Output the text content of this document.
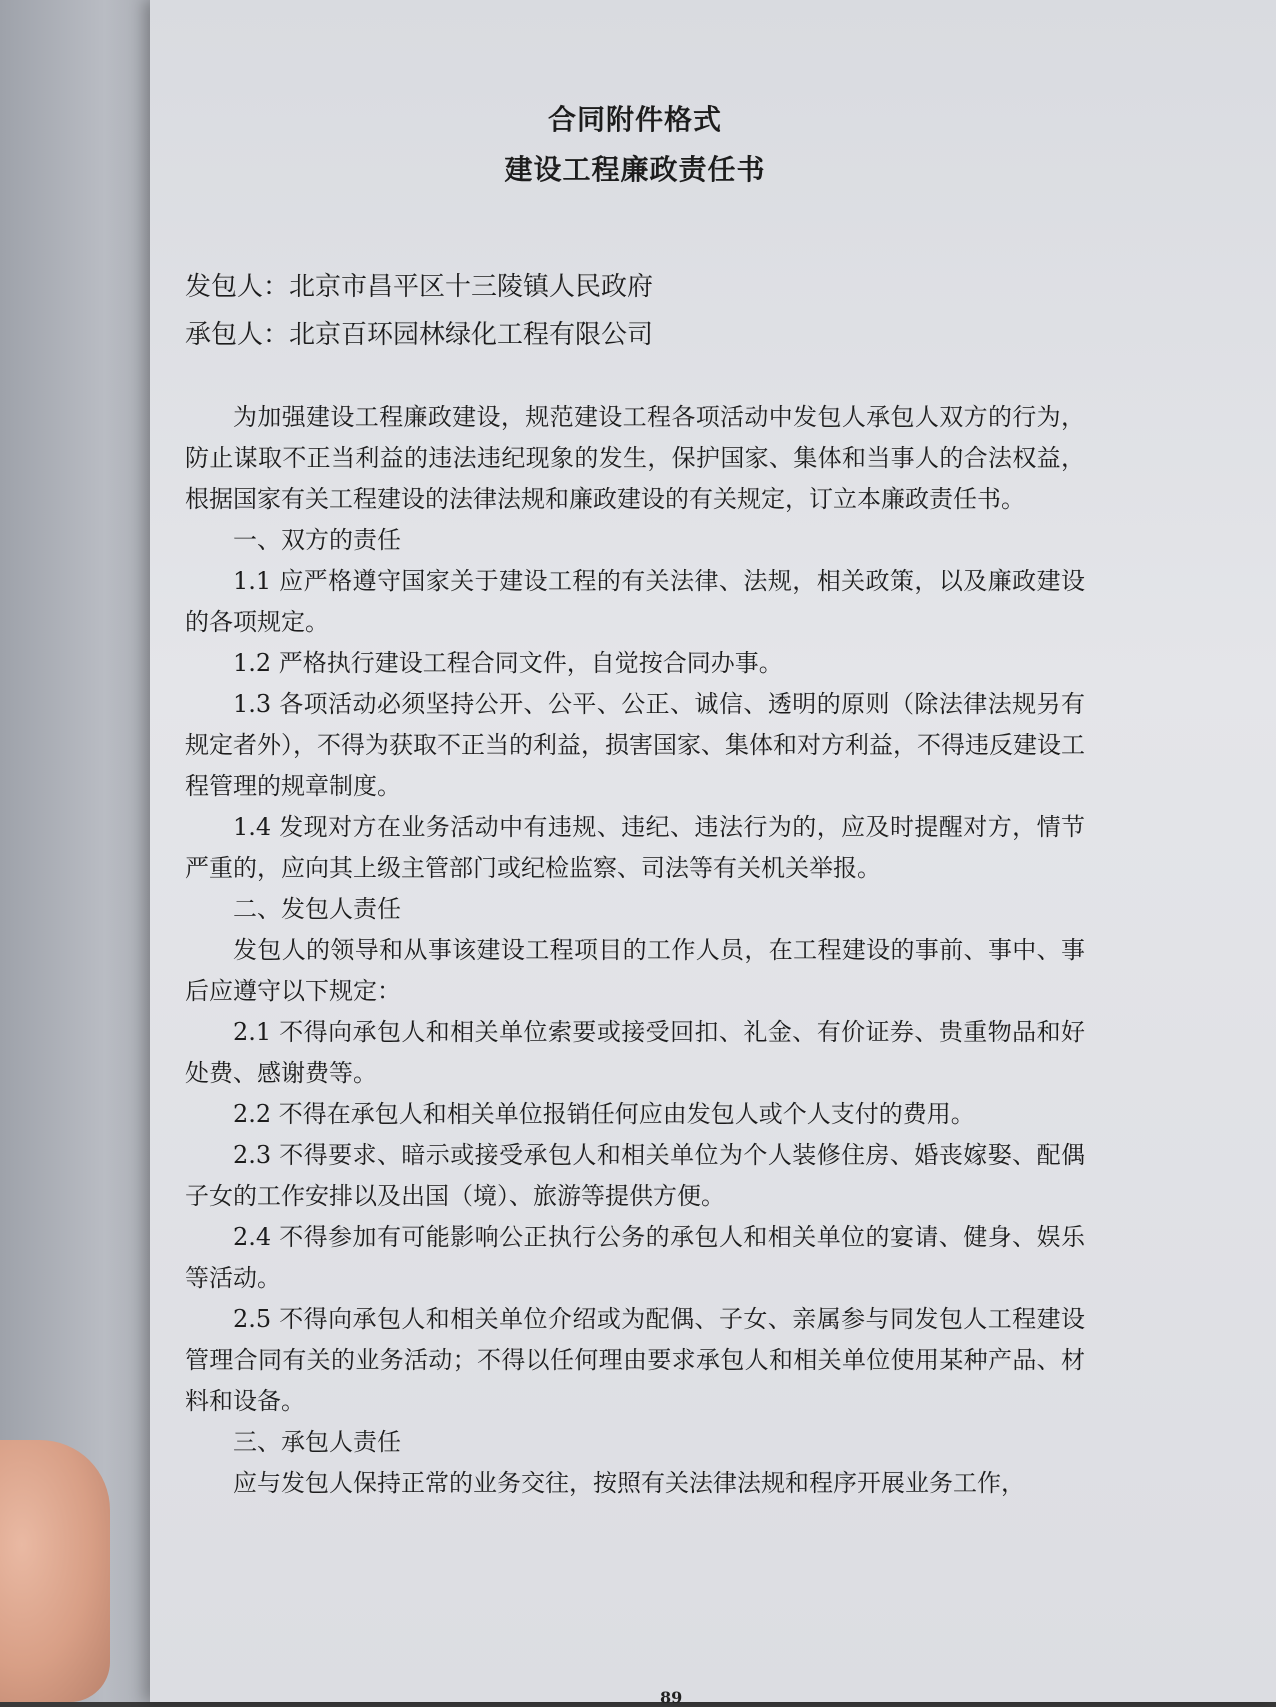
合同附件格式
建设工程廉政责任书
发包人：北京市昌平区十三陵镇人民政府
承包人：北京百环园林绿化工程有限公司

为加强建设工程廉政建设，规范建设工程各项活动中发包人承包人双方的行为，防止谋取不正当利益的违法违纪现象的发生，保护国家、集体和当事人的合法权益，根据国家有关工程建设的法律法规和廉政建设的有关规定，订立本廉政责任书。

一、双方的责任

1.1 应严格遵守国家关于建设工程的有关法律、法规，相关政策，以及廉政建设的各项规定。

1.2 严格执行建设工程合同文件，自觉按合同办事。

1.3 各项活动必须坚持公开、公平、公正、诚信、透明的原则（除法律法规另有规定者外），不得为获取不正当的利益，损害国家、集体和对方利益，不得违反建设工程管理的规章制度。

1.4 发现对方在业务活动中有违规、违纪、违法行为的，应及时提醒对方，情节严重的，应向其上级主管部门或纪检监察、司法等有关机关举报。

二、发包人责任

发包人的领导和从事该建设工程项目的工作人员，在工程建设的事前、事中、事后应遵守以下规定：

2.1 不得向承包人和相关单位索要或接受回扣、礼金、有价证券、贵重物品和好处费、感谢费等。

2.2 不得在承包人和相关单位报销任何应由发包人或个人支付的费用。

2.3 不得要求、暗示或接受承包人和相关单位为个人装修住房、婚丧嫁娶、配偶子女的工作安排以及出国（境）、旅游等提供方便。

2.4 不得参加有可能影响公正执行公务的承包人和相关单位的宴请、健身、娱乐等活动。

2.5 不得向承包人和相关单位介绍或为配偶、子女、亲属参与同发包人工程建设管理合同有关的业务活动；不得以任何理由要求承包人和相关单位使用某种产品、材料和设备。

三、承包人责任

应与发包人保持正常的业务交往，按照有关法律法规和程序开展业务工作，

89
